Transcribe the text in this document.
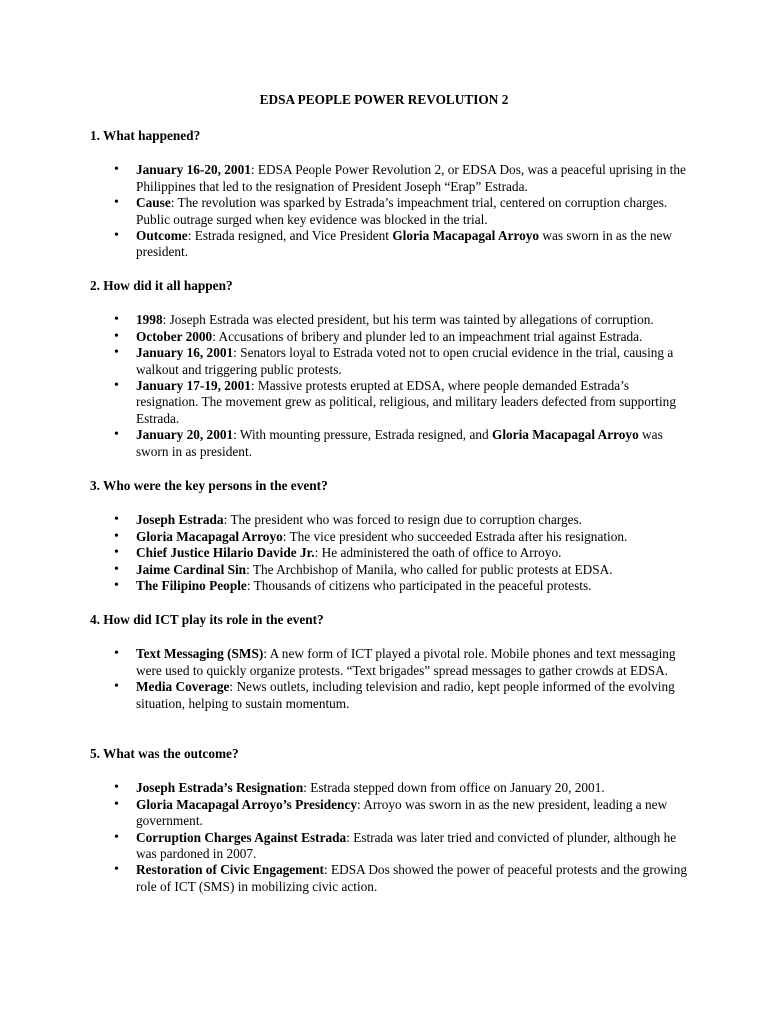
EDSA PEOPLE POWER REVOLUTION 2

1. What happened?

•	January 16-20, 2001: EDSA People Power Revolution 2, or EDSA Dos, was a peaceful uprising in the Philippines that led to the resignation of President Joseph “Erap” Estrada.
•	Cause: The revolution was sparked by Estrada’s impeachment trial, centered on corruption charges. Public outrage surged when key evidence was blocked in the trial.
•	Outcome: Estrada resigned, and Vice President Gloria Macapagal Arroyo was sworn in as the new president.

2. How did it all happen?

•	1998: Joseph Estrada was elected president, but his term was tainted by allegations of corruption.
•	October 2000: Accusations of bribery and plunder led to an impeachment trial against Estrada.
•	January 16, 2001: Senators loyal to Estrada voted not to open crucial evidence in the trial, causing a walkout and triggering public protests.
•	January 17-19, 2001: Massive protests erupted at EDSA, where people demanded Estrada’s resignation. The movement grew as political, religious, and military leaders defected from supporting Estrada.
•	January 20, 2001: With mounting pressure, Estrada resigned, and Gloria Macapagal Arroyo was sworn in as president.

3. Who were the key persons in the event?

•	Joseph Estrada: The president who was forced to resign due to corruption charges.
•	Gloria Macapagal Arroyo: The vice president who succeeded Estrada after his resignation.
•	Chief Justice Hilario Davide Jr.: He administered the oath of office to Arroyo.
•	Jaime Cardinal Sin: The Archbishop of Manila, who called for public protests at EDSA.
•	The Filipino People: Thousands of citizens who participated in the peaceful protests.

4. How did ICT play its role in the event?

•	Text Messaging (SMS): A new form of ICT played a pivotal role. Mobile phones and text messaging were used to quickly organize protests. “Text brigades” spread messages to gather crowds at EDSA.
•	Media Coverage: News outlets, including television and radio, kept people informed of the evolving situation, helping to sustain momentum.

5. What was the outcome?

•	Joseph Estrada’s Resignation: Estrada stepped down from office on January 20, 2001.
•	Gloria Macapagal Arroyo’s Presidency: Arroyo was sworn in as the new president, leading a new government.
•	Corruption Charges Against Estrada: Estrada was later tried and convicted of plunder, although he was pardoned in 2007.
•	Restoration of Civic Engagement: EDSA Dos showed the power of peaceful protests and the growing role of ICT (SMS) in mobilizing civic action.
